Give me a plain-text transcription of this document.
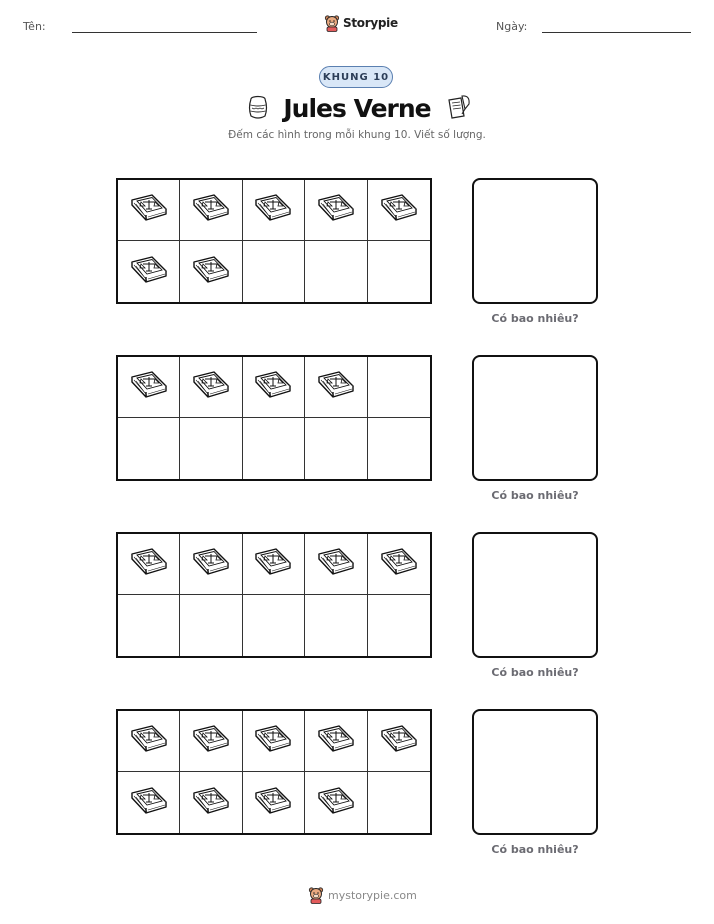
Tên:	Storypie	Ngày:
KHUNG 10
Jules Verne
Đếm các hình trong mỗi khung 10. Viết số lượng.
Có bao nhiêu?
Có bao nhiêu?
Có bao nhiêu?
Có bao nhiêu?
mystorypie.com
